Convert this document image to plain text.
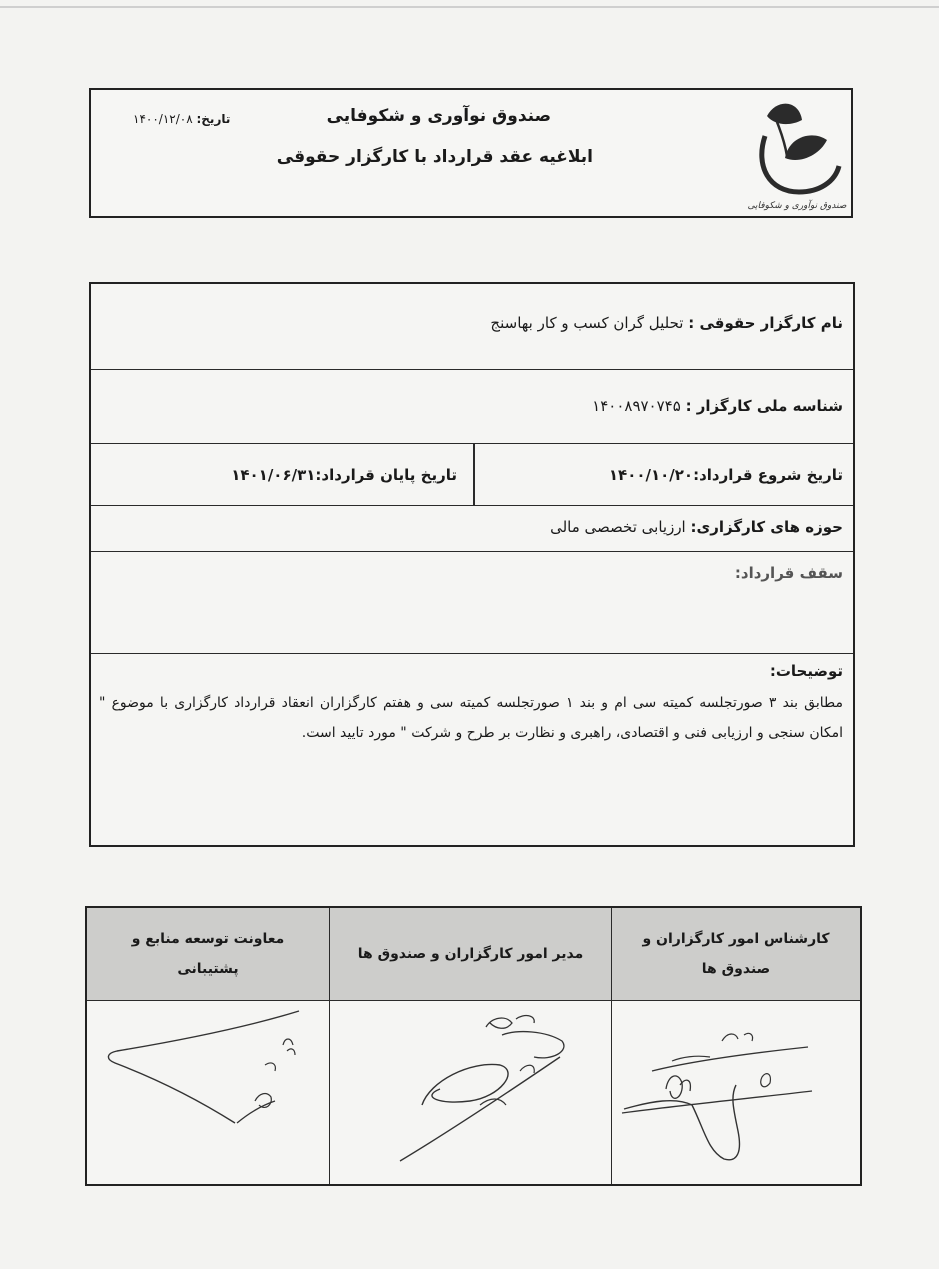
صندوق نوآوری و شکوفایی
صندوق نوآوری و شکوفایی
ابلاغیه عقد قرارداد با کارگزار حقوقی
تاریخ: ۱۴۰۰/۱۲/۰۸
نام کارگزار حقوقی : تحلیل گران کسب و کار بهاسنج
شناسه ملی کارگزار : ۱۴۰۰۸۹۷۰۷۴۵
تاریخ شروع قرارداد:۱۴۰۰/۱۰/۲۰
تاریخ پایان قرارداد:۱۴۰۱/۰۶/۳۱
حوزه های کارگزاری: ارزیابی تخصصی مالی
سقف قرارداد:
توضیحات:
مطابق بند ۳ صورتجلسه کمیته سی ام و بند ۱ صورتجلسه کمیته سی و هفتم کارگزاران انعقاد قرارداد کارگزاری با موضوع " امکان سنجی و ارزیابی فنی و اقتصادی، راهبری و نظارت بر طرح و شرکت " مورد تایید است.
کارشناس امور کارگزاران و صندوق ها
مدیر امور کارگزاران و صندوق ها
معاونت توسعه منابع و پشتیبانی
